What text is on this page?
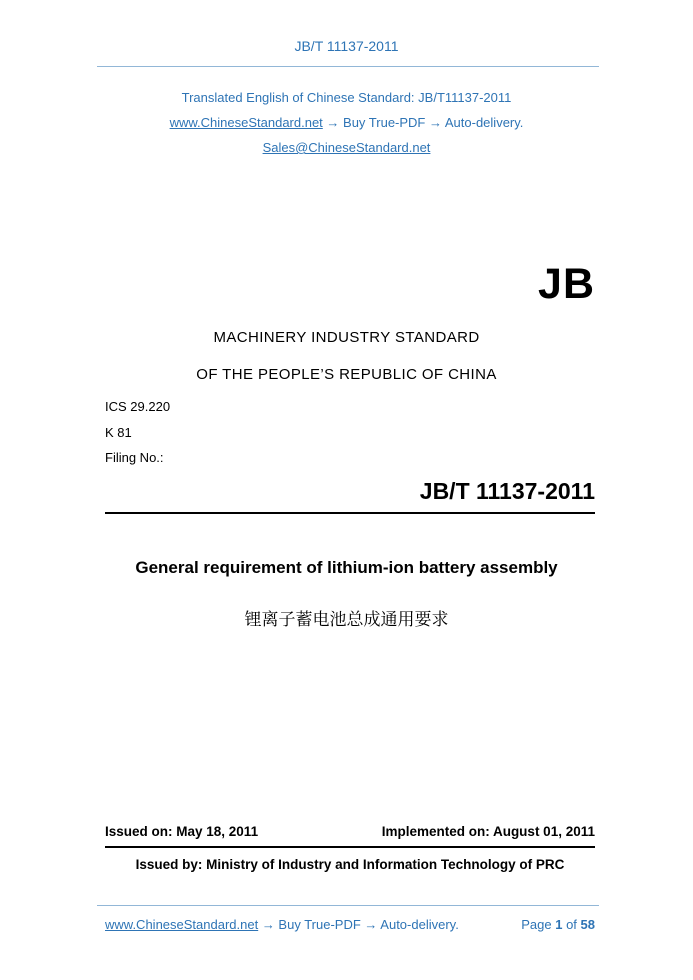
JB/T 11137-2011
Translated English of Chinese Standard: JB/T11137-2011
www.ChineseStandard.net → Buy True-PDF → Auto-delivery.
Sales@ChineseStandard.net
JB
MACHINERY INDUSTRY STANDARD
OF THE PEOPLE’S REPUBLIC OF CHINA
ICS 29.220
K 81
Filing No.:
JB/T 11137-2011
General requirement of lithium-ion battery assembly
锂离子蓄电池总成通用要求
Issued on: May 18, 2011	Implemented on: August 01, 2011
Issued by: Ministry of Industry and Information Technology of PRC
www.ChineseStandard.net → Buy True-PDF → Auto-delivery.	Page 1 of 58
